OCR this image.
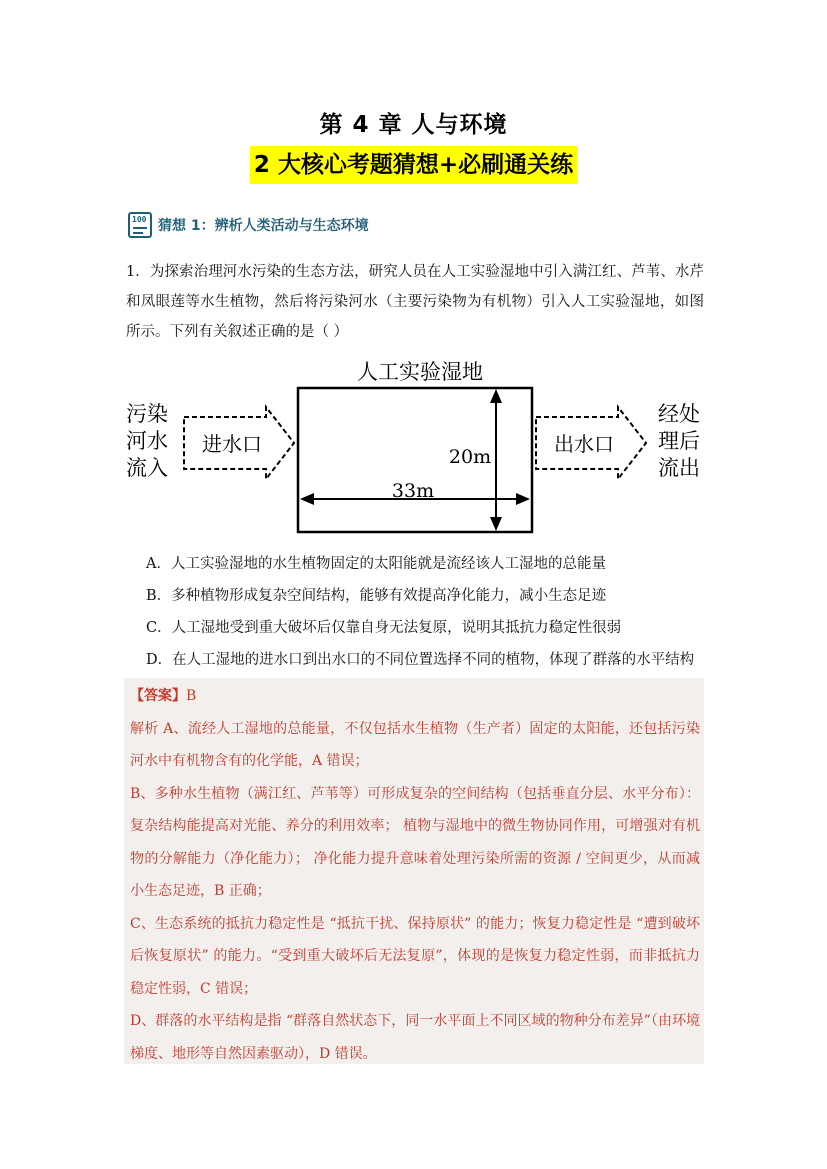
第 4 章 人与环境
2 大核心考题猜想+必刷通关练
100 猜想 1：辨析人类活动与生态环境
1．为探索治理河水污染的生态方法，研究人员在人工实验湿地中引入满江红、芦苇、水芹和凤眼莲等水生植物，然后将污染河水（主要污染物为有机物）引入人工实验湿地，如图所示。下列有关叙述正确的是（ ）
人工实验湿地
污染
河水
流入
进水口	出水口
经处
理后
流出
20m
33m
A．人工实验湿地的水生植物固定的太阳能就是流经该人工湿地的总能量
B．多种植物形成复杂空间结构，能够有效提高净化能力，减小生态足迹
C．人工湿地受到重大破坏后仅靠自身无法复原，说明其抵抗力稳定性很弱
D．在人工湿地的进水口到出水口的不同位置选择不同的植物，体现了群落的水平结构

【答案】B

解析 A、流经人工湿地的总能量，不仅包括水生植物（生产者）固定的太阳能，还包括污染河水中有机物含有的化学能，A 错误；

B、多种水生植物（满江红、芦苇等）可形成复杂的空间结构（包括垂直分层、水平分布）：复杂结构能提高对光能、养分的利用效率； 植物与湿地中的微生物协同作用，可增强对有机物的分解能力（净化能力）； 净化能力提升意味着处理污染所需的资源 / 空间更少，从而减小生态足迹，B 正确；

C、生态系统的抵抗力稳定性是 “抵抗干扰、保持原状” 的能力；恢复力稳定性是 “遭到破坏后恢复原状” 的能力。“受到重大破坏后无法复原”，体现的是恢复力稳定性弱，而非抵抗力稳定性弱，C 错误；

D、群落的水平结构是指 “群落自然状态下，同一水平面上不同区域的物种分布差异”（由环境梯度、地形等自然因素驱动），D 错误。
